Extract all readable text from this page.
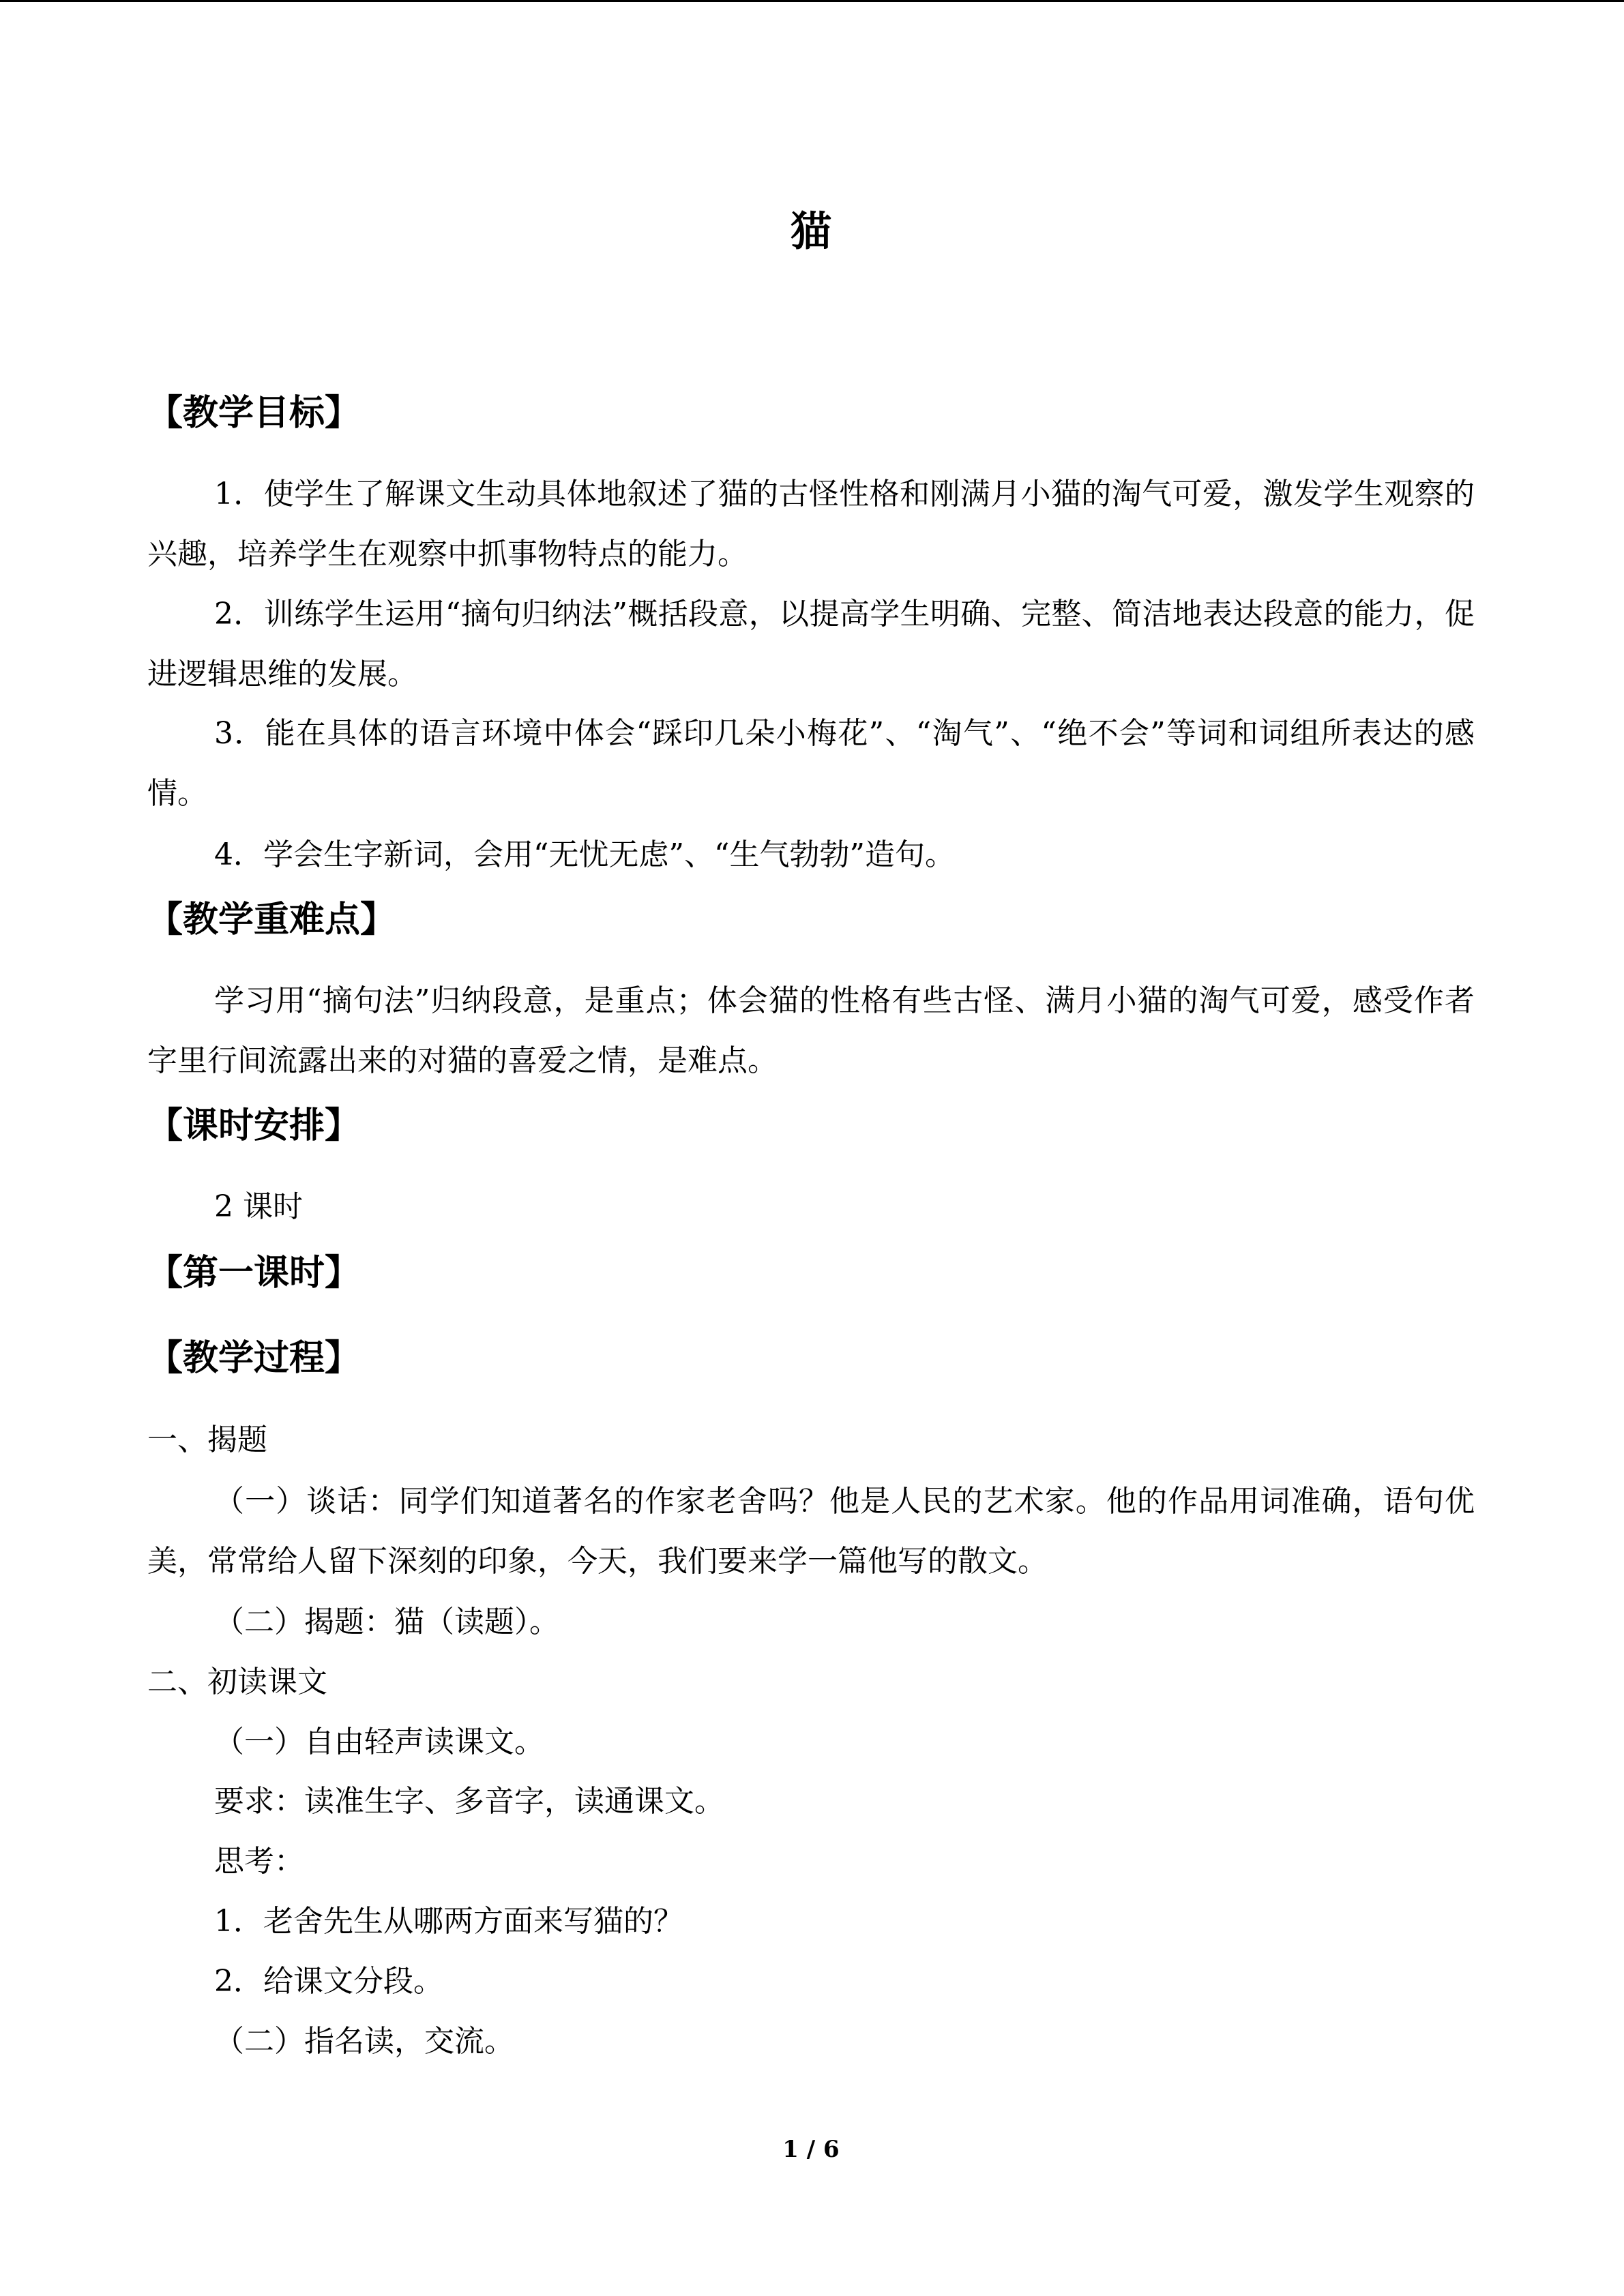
猫
【教学目标】
1．使学生了解课文生动具体地叙述了猫的古怪性格和刚满月小猫的淘气可爱，激发学生观察的兴趣，培养学生在观察中抓事物特点的能力。
2．训练学生运用“摘句归纳法”概括段意，以提高学生明确、完整、简洁地表达段意的能力，促进逻辑思维的发展。
3．能在具体的语言环境中体会“踩印几朵小梅花”、“淘气”、“绝不会”等词和词组所表达的感情。
4．学会生字新词，会用“无忧无虑”、“生气勃勃”造句。
【教学重难点】
学习用“摘句法”归纳段意，是重点；体会猫的性格有些古怪、满月小猫的淘气可爱，感受作者字里行间流露出来的对猫的喜爱之情，是难点。
【课时安排】
2 课时
【第一课时】
【教学过程】
一、揭题
（一）谈话：同学们知道著名的作家老舍吗？他是人民的艺术家。他的作品用词准确，语句优美，常常给人留下深刻的印象，今天，我们要来学一篇他写的散文。
（二）揭题：猫（读题）。
二、初读课文
（一）自由轻声读课文。
要求：读准生字、多音字，读通课文。
思考：
1．老舍先生从哪两方面来写猫的？
2．给课文分段。
（二）指名读，交流。
1 / 6
